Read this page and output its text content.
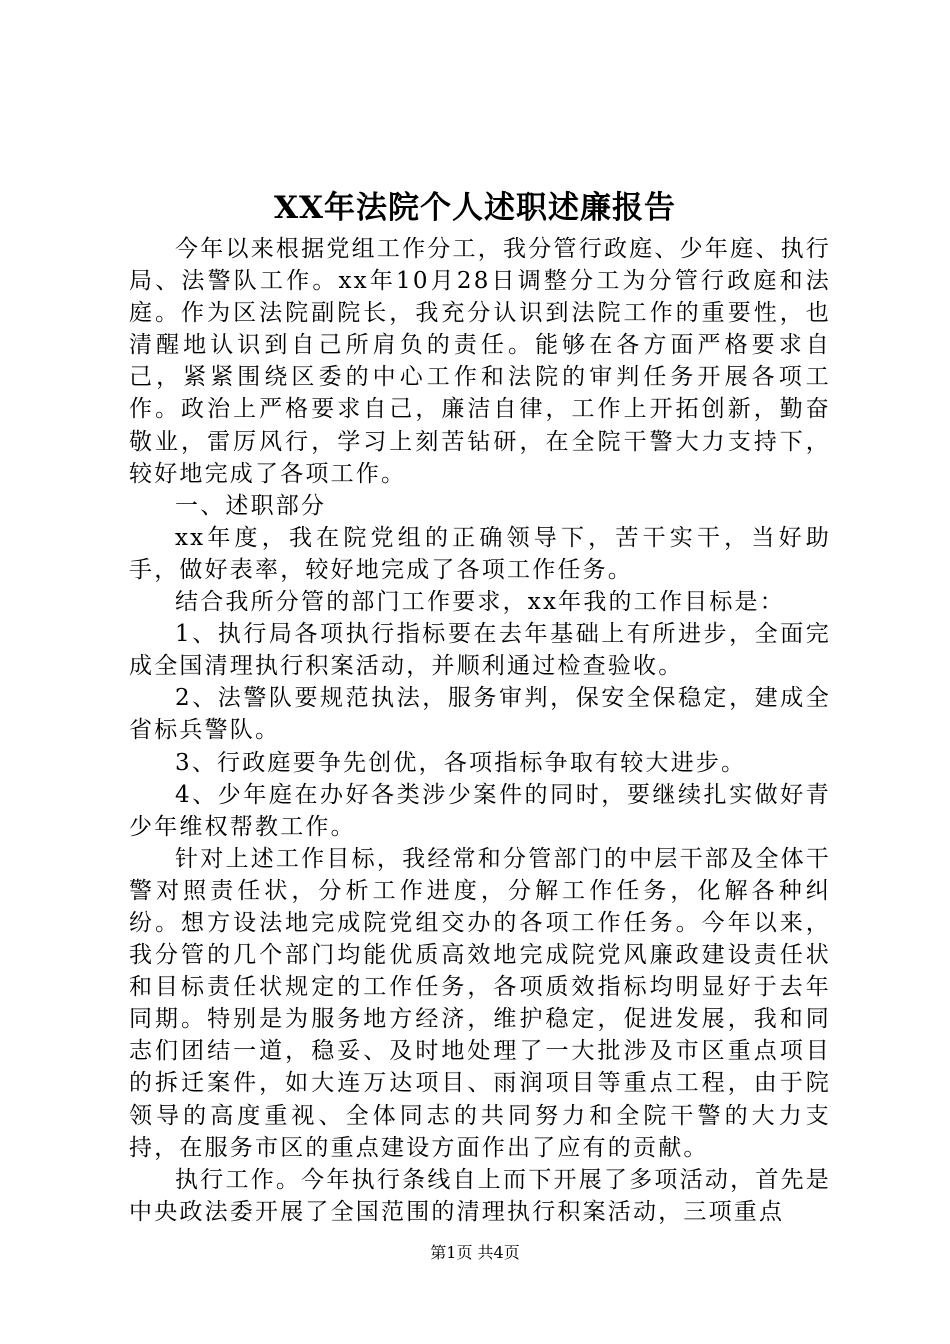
XX年法院个人述职述廉报告

今年以来根据党组工作分工，我分管行政庭、少年庭、执行局、法警队工作。xx年10月28日调整分工为分管行政庭和法庭。作为区法院副院长，我充分认识到法院工作的重要性，也清醒地认识到自己所肩负的责任。能够在各方面严格要求自己，紧紧围绕区委的中心工作和法院的审判任务开展各项工作。政治上严格要求自己，廉洁自律，工作上开拓创新，勤奋敬业，雷厉风行，学习上刻苦钻研，在全院干警大力支持下，较好地完成了各项工作。

一、述职部分

xx年度，我在院党组的正确领导下，苦干实干，当好助手，做好表率，较好地完成了各项工作任务。

结合我所分管的部门工作要求，xx年我的工作目标是：

1、执行局各项执行指标要在去年基础上有所进步，全面完成全国清理执行积案活动，并顺利通过检查验收。

2、法警队要规范执法，服务审判，保安全保稳定，建成全省标兵警队。

3、行政庭要争先创优，各项指标争取有较大进步。

4、少年庭在办好各类涉少案件的同时，要继续扎实做好青少年维权帮教工作。

针对上述工作目标，我经常和分管部门的中层干部及全体干警对照责任状，分析工作进度，分解工作任务，化解各种纠纷。想方设法地完成院党组交办的各项工作任务。今年以来，我分管的几个部门均能优质高效地完成院党风廉政建设责任状和目标责任状规定的工作任务，各项质效指标均明显好于去年同期。特别是为服务地方经济，维护稳定，促进发展，我和同志们团结一道，稳妥、及时地处理了一大批涉及市区重点项目的拆迁案件，如大连万达项目、雨润项目等重点工程，由于院领导的高度重视、全体同志的共同努力和全院干警的大力支持，在服务市区的重点建设方面作出了应有的贡献。

执行工作。今年执行条线自上而下开展了多项活动，首先是中央政法委开展了全国范围的清理执行积案活动，三项重点

第1页 共4页
